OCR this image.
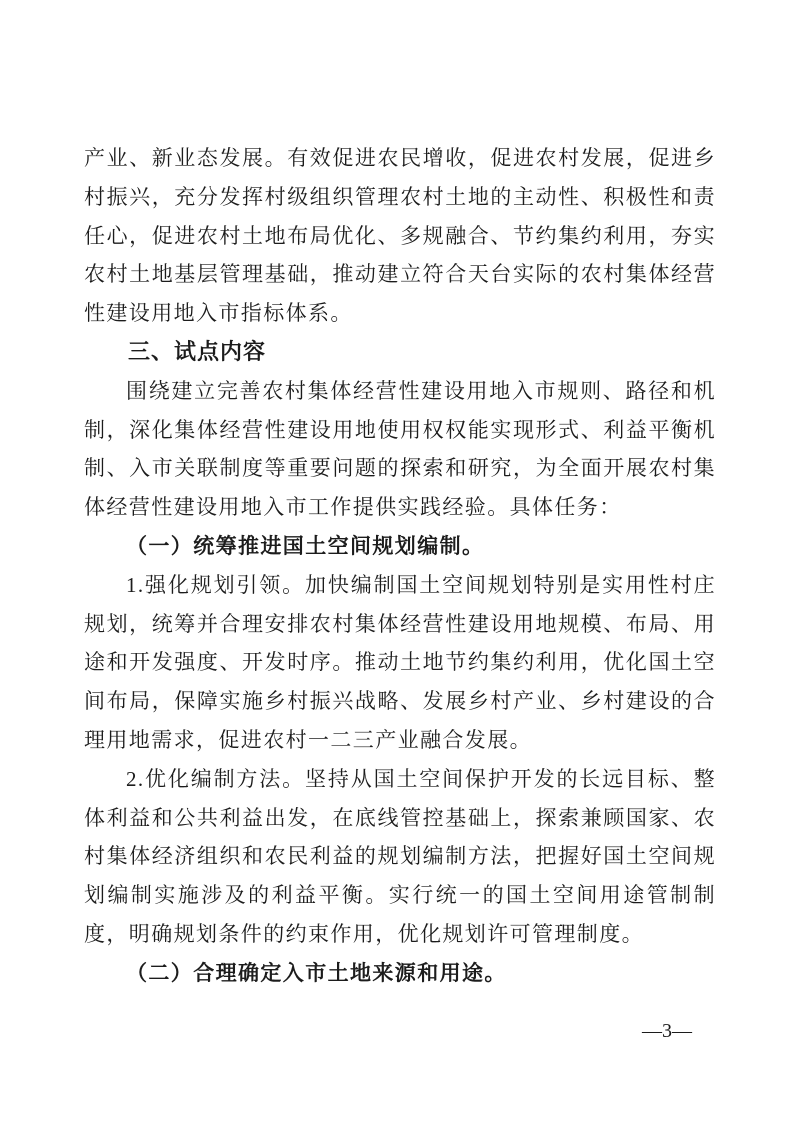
产业、新业态发展。有效促进农民增收，促进农村发展，促进乡村振兴，充分发挥村级组织管理农村土地的主动性、积极性和责任心，促进农村土地布局优化、多规融合、节约集约利用，夯实农村土地基层管理基础，推动建立符合天台实际的农村集体经营性建设用地入市指标体系。

三、试点内容

围绕建立完善农村集体经营性建设用地入市规则、路径和机制，深化集体经营性建设用地使用权权能实现形式、利益平衡机制、入市关联制度等重要问题的探索和研究，为全面开展农村集体经营性建设用地入市工作提供实践经验。具体任务：

（一）统筹推进国土空间规划编制。

1.强化规划引领。加快编制国土空间规划特别是实用性村庄规划，统筹并合理安排农村集体经营性建设用地规模、布局、用途和开发强度、开发时序。推动土地节约集约利用，优化国土空间布局，保障实施乡村振兴战略、发展乡村产业、乡村建设的合理用地需求，促进农村一二三产业融合发展。

2.优化编制方法。坚持从国土空间保护开发的长远目标、整体利益和公共利益出发，在底线管控基础上，探索兼顾国家、农村集体经济组织和农民利益的规划编制方法，把握好国土空间规划编制实施涉及的利益平衡。实行统一的国土空间用途管制制度，明确规划条件的约束作用，优化规划许可管理制度。

（二）合理确定入市土地来源和用途。

—3—
